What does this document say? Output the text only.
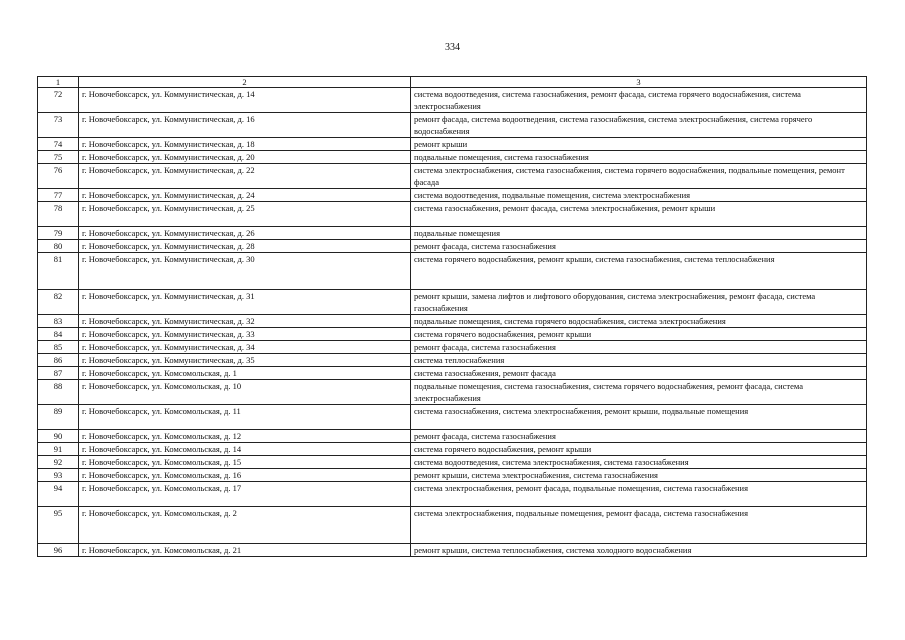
334
1	2	3
72	г. Новочебоксарск, ул. Коммунистическая, д. 14	система водоотведения, система газоснабжения, ремонт фасада, система горячего водоснабжения, система электроснабжения
73	г. Новочебоксарск, ул. Коммунистическая, д. 16	ремонт фасада, система водоотведения, система газоснабжения, система электроснабжения, система горячего водоснабжения
74	г. Новочебоксарск, ул. Коммунистическая, д. 18	ремонт крыши
75	г. Новочебоксарск, ул. Коммунистическая, д. 20	подвальные помещения, система газоснабжения
76	г. Новочебоксарск, ул. Коммунистическая, д. 22	система электроснабжения, система газоснабжения, система горячего водоснабжения, подвальные помещения, ремонт фасада
77	г. Новочебоксарск, ул. Коммунистическая, д. 24	система водоотведения, подвальные помещения, система электроснабжения
78	г. Новочебоксарск, ул. Коммунистическая, д. 25	система газоснабжения, ремонт фасада, система электроснабжения, ремонт крыши
79	г. Новочебоксарск, ул. Коммунистическая, д. 26	подвальные помещения
80	г. Новочебоксарск, ул. Коммунистическая, д. 28	ремонт фасада, система газоснабжения
81	г. Новочебоксарск, ул. Коммунистическая, д. 30	система горячего водоснабжения, ремонт крыши, система газоснабжения, система теплоснабжения
82	г. Новочебоксарск, ул. Коммунистическая, д. 31	ремонт крыши, замена лифтов и лифтового оборудования, система электроснабжения, ремонт фасада, система газоснабжения
83	г. Новочебоксарск, ул. Коммунистическая, д. 32	подвальные помещения, система горячего водоснабжения, система электроснабжения
84	г. Новочебоксарск, ул. Коммунистическая, д. 33	система горячего водоснабжения, ремонт крыши
85	г. Новочебоксарск, ул. Коммунистическая, д. 34	ремонт фасада, система газоснабжения
86	г. Новочебоксарск, ул. Коммунистическая, д. 35	система теплоснабжения
87	г. Новочебоксарск, ул. Комсомольская, д. 1	система газоснабжения, ремонт фасада
88	г. Новочебоксарск, ул. Комсомольская, д. 10	подвальные помещения, система газоснабжения, система горячего водоснабжения, ремонт фасада, система электроснабжения
89	г. Новочебоксарск, ул. Комсомольская, д. 11	система газоснабжения, система электроснабжения, ремонт крыши, подвальные помещения
90	г. Новочебоксарск, ул. Комсомольская, д. 12	ремонт фасада, система газоснабжения
91	г. Новочебоксарск, ул. Комсомольская, д. 14	система горячего водоснабжения, ремонт крыши
92	г. Новочебоксарск, ул. Комсомольская, д. 15	система водоотведения, система электроснабжения, система газоснабжения
93	г. Новочебоксарск, ул. Комсомольская, д. 16	ремонт крыши, система электроснабжения, система газоснабжения
94	г. Новочебоксарск, ул. Комсомольская, д. 17	система электроснабжения, ремонт фасада, подвальные помещения, система газоснабжения
95	г. Новочебоксарск, ул. Комсомольская, д. 2	система электроснабжения, подвальные помещения, ремонт фасада, система газоснабжения
96	г. Новочебоксарск, ул. Комсомольская, д. 21	ремонт крыши, система теплоснабжения, система холодного водоснабжения
